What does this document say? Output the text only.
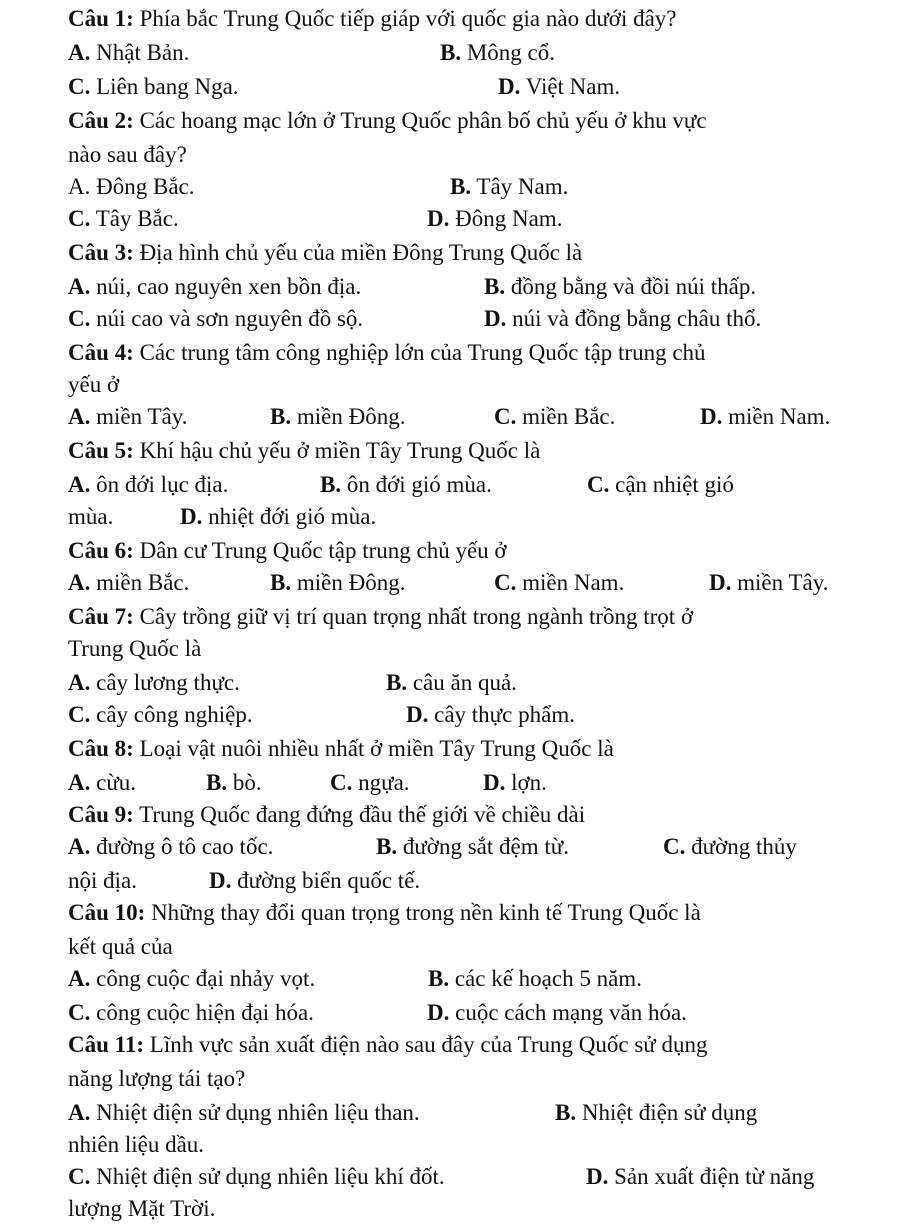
Câu 1: Phía bắc Trung Quốc tiếp giáp với quốc gia nào dưới đây?
A. Nhật Bản.	B. Mông cổ.
C. Liên bang Nga.	D. Việt Nam.
Câu 2: Các hoang mạc lớn ở Trung Quốc phân bố chủ yếu ở khu vực
nào sau đây?
A. Đông Bắc.	B. Tây Nam.
C. Tây Bắc.	D. Đông Nam.
Câu 3: Địa hình chủ yếu của miền Đông Trung Quốc là
A. núi, cao nguyên xen bồn địa.	B. đồng bằng và đồi núi thấp.
C. núi cao và sơn nguyên đồ sộ.	D. núi và đồng bằng châu thổ.
Câu 4: Các trung tâm công nghiệp lớn của Trung Quốc tập trung chủ
yếu ở
A. miền Tây.	B. miền Đông.	C. miền Bắc.	D. miền Nam.
Câu 5: Khí hậu chủ yếu ở miền Tây Trung Quốc là
A. ôn đới lục địa.	B. ôn đới gió mùa.	C. cận nhiệt gió
mùa.	D. nhiệt đới gió mùa.
Câu 6: Dân cư Trung Quốc tập trung chủ yếu ở
A. miền Bắc.	B. miền Đông.	C. miền Nam.	D. miền Tây.
Câu 7: Cây trồng giữ vị trí quan trọng nhất trong ngành trồng trọt ở
Trung Quốc là
A. cây lương thực.	B. câu ăn quả.
C. cây công nghiệp.	D. cây thực phẩm.
Câu 8: Loại vật nuôi nhiều nhất ở miền Tây Trung Quốc là
A. cừu.	B. bò.	C. ngựa.	D. lợn.
Câu 9: Trung Quốc đang đứng đầu thế giới về chiều dài
A. đường ô tô cao tốc.	B. đường sắt đệm từ.	C. đường thủy
nội địa.	D. đường biển quốc tế.
Câu 10: Những thay đổi quan trọng trong nền kinh tế Trung Quốc là
kết quả của
A. công cuộc đại nhảy vọt.	B. các kế hoạch 5 năm.
C. công cuộc hiện đại hóa.	D. cuộc cách mạng văn hóa.
Câu 11: Lĩnh vực sản xuất điện nào sau đây của Trung Quốc sử dụng
năng lượng tái tạo?
A. Nhiệt điện sử dụng nhiên liệu than.	B. Nhiệt điện sử dụng
nhiên liệu dầu.
C. Nhiệt điện sử dụng nhiên liệu khí đốt.	D. Sản xuất điện từ năng
lượng Mặt Trời.
